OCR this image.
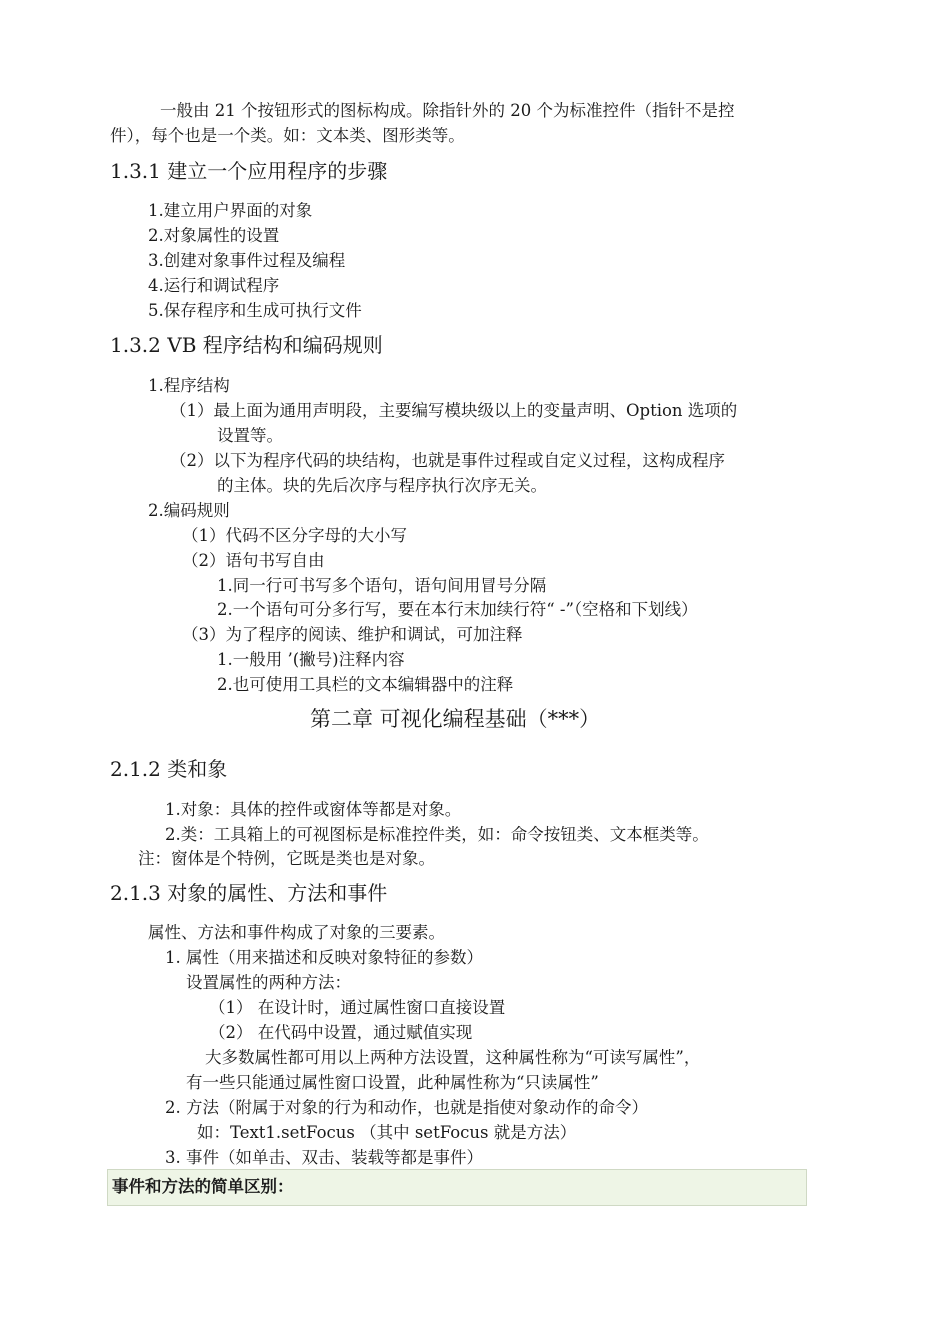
一般由 21 个按钮形式的图标构成。除指针外的 20 个为标准控件（指针不是控
件），每个也是一个类。如：文本类、图形类等。
1.3.1 建立一个应用程序的步骤
1.建立用户界面的对象
2.对象属性的设置
3.创建对象事件过程及编程
4.运行和调试程序
5.保存程序和生成可执行文件
1.3.2 VB 程序结构和编码规则
1.程序结构
（1）最上面为通用声明段，主要编写模块级以上的变量声明、Option 选项的
设置等。
（2）以下为程序代码的块结构，也就是事件过程或自定义过程，这构成程序
的主体。块的先后次序与程序执行次序无关。
2.编码规则
（1）代码不区分字母的大小写
（2）语句书写自由
1.同一行可书写多个语句，语句间用冒号分隔
2.一个语句可分多行写，要在本行末加续行符“ -”（空格和下划线）
（3）为了程序的阅读、维护和调试，可加注释
1.一般用 ’(撇号)注释内容
2.也可使用工具栏的文本编辑器中的注释
第二章 可视化编程基础（***）
2.1.2 类和象
1.对象：具体的控件或窗体等都是对象。
2.类：工具箱上的可视图标是标准控件类，如：命令按钮类、文本框类等。
注：窗体是个特例，它既是类也是对象。
2.1.3 对象的属性、方法和事件
属性、方法和事件构成了对象的三要素。
1. 属性（用来描述和反映对象特征的参数）
设置属性的两种方法：
（1） 在设计时，通过属性窗口直接设置
（2） 在代码中设置，通过赋值实现
大多数属性都可用以上两种方法设置，这种属性称为“可读写属性”，
有一些只能通过属性窗口设置，此种属性称为“只读属性”
2. 方法（附属于对象的行为和动作，也就是指使对象动作的命令）
如：Text1.setFocus （其中 setFocus 就是方法）
3. 事件（如单击、双击、装载等都是事件）
事件和方法的简单区别：
